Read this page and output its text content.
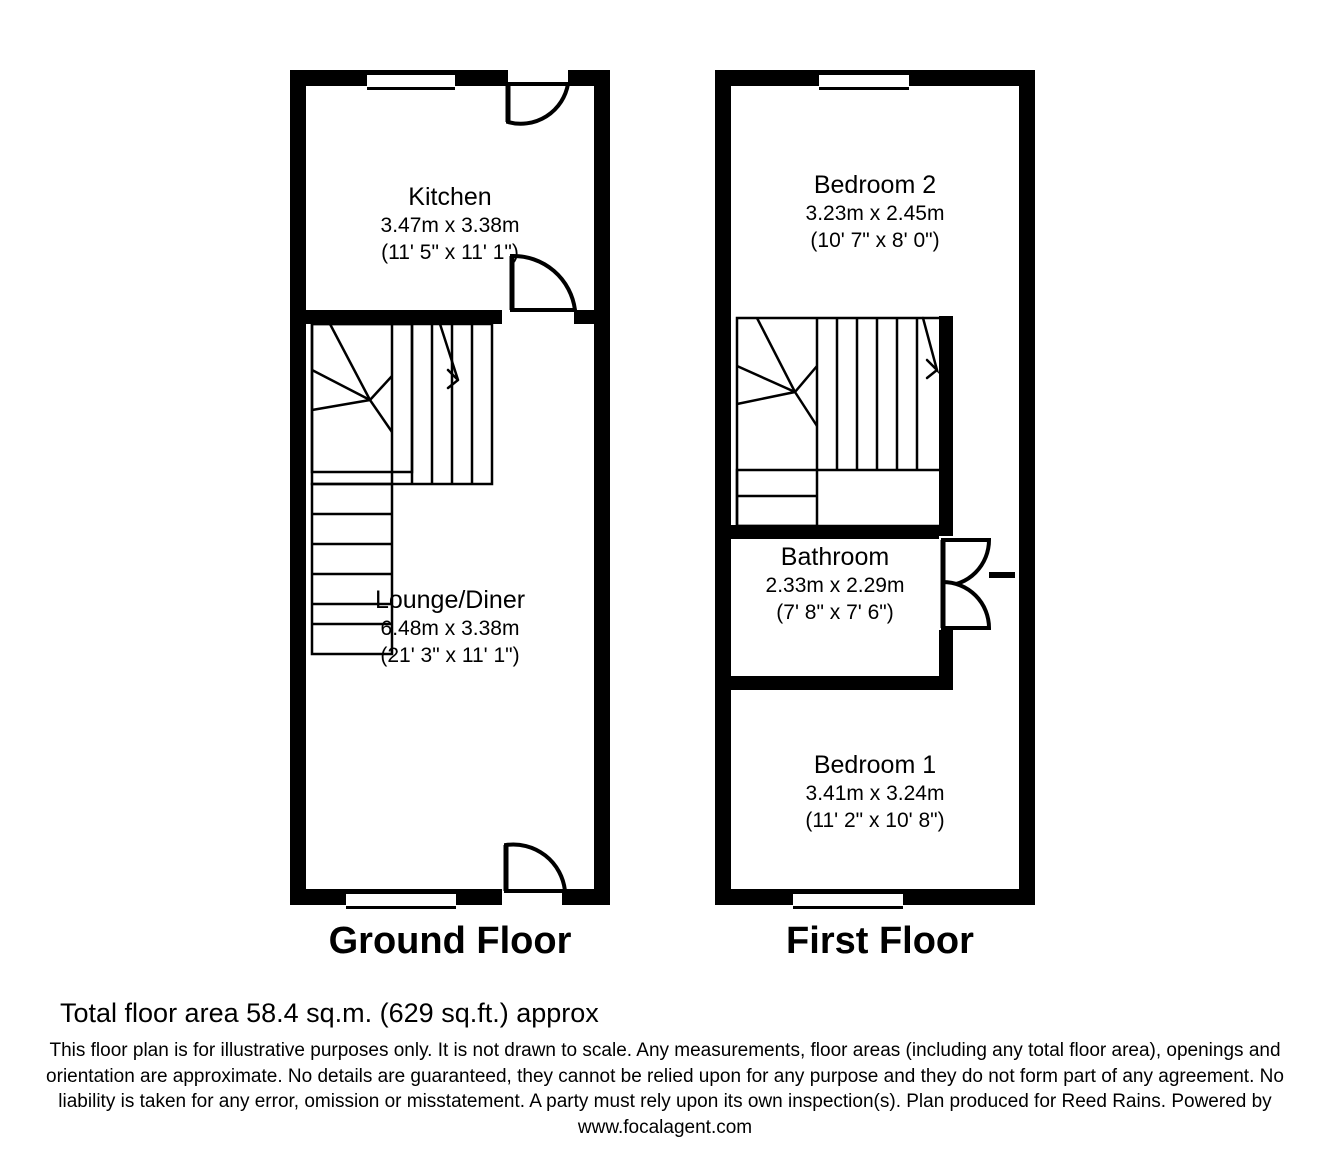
Kitchen
3.47m x 3.38m
(11' 5" x 11' 1")
Lounge/Diner
6.48m x 3.38m
(21' 3" x 11' 1")
Bedroom 2
3.23m x 2.45m
(10' 7" x 8' 0")
Bathroom
2.33m x 2.29m
(7' 8" x 7' 6")
Bedroom 1
3.41m x 3.24m
(11' 2" x 10' 8")
Ground Floor	First Floor
Total floor area 58.4 sq.m. (629 sq.ft.) approx
This floor plan is for illustrative purposes only. It is not drawn to scale. Any measurements, floor areas (including any total floor area), openings and orientation are approximate. No details are guaranteed, they cannot be relied upon for any purpose and they do not form part of any agreement. No liability is taken for any error, omission or misstatement. A party must rely upon its own inspection(s). Plan produced for Reed Rains. Powered by www.focalagent.com
